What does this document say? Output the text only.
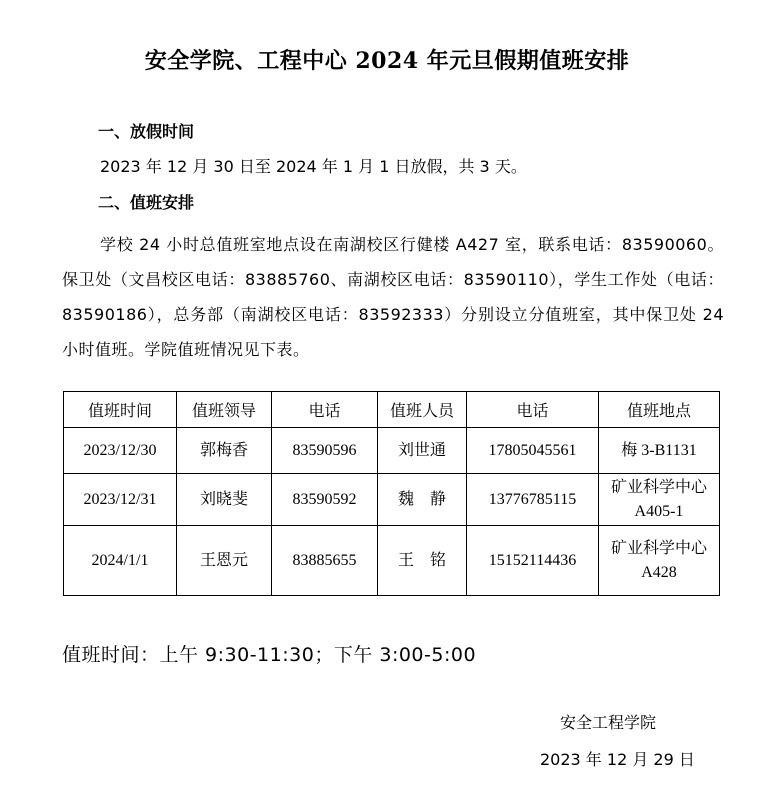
安全学院、工程中心 2024 年元旦假期值班安排
一、放假时间
2023 年 12 月 30 日至 2024 年 1 月 1 日放假，共 3 天。
二、值班安排
学校 24 小时总值班室地点设在南湖校区行健楼 A427 室，联系电话：83590060。保卫处（文昌校区电话：83885760、南湖校区电话：83590110），学生工作处（电话：83590186），总务部（南湖校区电话：83592333）分别设立分值班室，其中保卫处 24 小时值班。学院值班情况见下表。
值班时间	值班领导	电话	值班人员	电话	值班地点
2023/12/30	郭梅香	83590596	刘世通	17805045561	梅 3-B1131
2023/12/31	刘晓斐	83590592	魏　静	13776785115	矿业科学中心 A405-1
2024/1/1	王恩元	83885655	王　铭	15152114436	矿业科学中心 A428
值班时间：上午 9:30-11:30；下午 3:00-5:00
安全工程学院
2023 年 12 月 29 日
